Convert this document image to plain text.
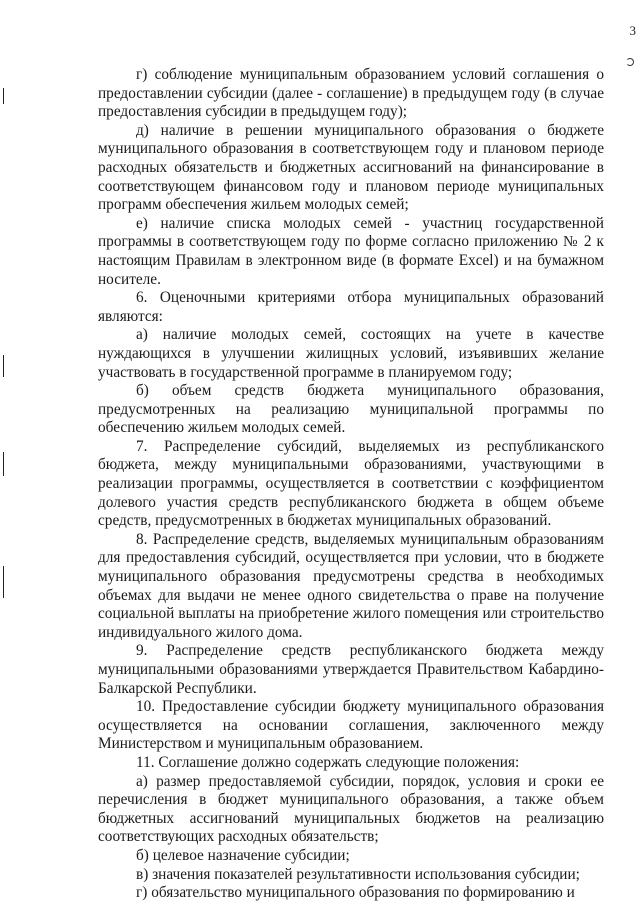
3

г) соблюдение муниципальным образованием условий соглашения о предоставлении субсидии (далее - соглашение) в предыдущем году (в случае предоставления субсидии в предыдущем году);

д) наличие в решении муниципального образования о бюджете муниципального образования в соответствующем году и плановом периоде расходных обязательств и бюджетных ассигнований на финансирование в соответствующем финансовом году и плановом периоде муниципальных программ обеспечения жильем молодых семей;

е) наличие списка молодых семей - участниц государственной программы в соответствующем году по форме согласно приложению № 2 к настоящим Правилам в электронном виде (в формате Excel) и на бумажном носителе.

6. Оценочными критериями отбора муниципальных образований являются:

а) наличие молодых семей, состоящих на учете в качестве нуждающихся в улучшении жилищных условий, изъявивших желание участвовать в государственной программе в планируемом году;

б) объем средств бюджета муниципального образования, предусмотренных на реализацию муниципальной программы по обеспечению жильем молодых семей.

7. Распределение субсидий, выделяемых из республиканского бюджета, между муниципальными образованиями, участвующими в реализации программы, осуществляется в соответствии с коэффициентом долевого участия средств республиканского бюджета в общем объеме средств, предусмотренных в бюджетах муниципальных образований.

8. Распределение средств, выделяемых муниципальным образованиям для предоставления субсидий, осуществляется при условии, что в бюджете муниципального образования предусмотрены средства в необходимых объемах для выдачи не менее одного свидетельства о праве на получение социальной выплаты на приобретение жилого помещения или строительство индивидуального жилого дома.

9. Распределение средств республиканского бюджета между муниципальными образованиями утверждается Правительством Кабардино-Балкарской Республики.

10. Предоставление субсидии бюджету муниципального образования осуществляется на основании соглашения, заключенного между Министерством и муниципальным образованием.

11. Соглашение должно содержать следующие положения:

а) размер предоставляемой субсидии, порядок, условия и сроки ее перечисления в бюджет муниципального образования, а также объем бюджетных ассигнований муниципальных бюджетов на реализацию соответствующих расходных обязательств;

б) целевое назначение субсидии;

в) значения показателей результативности использования субсидии;

г) обязательство муниципального образования по формированию и
